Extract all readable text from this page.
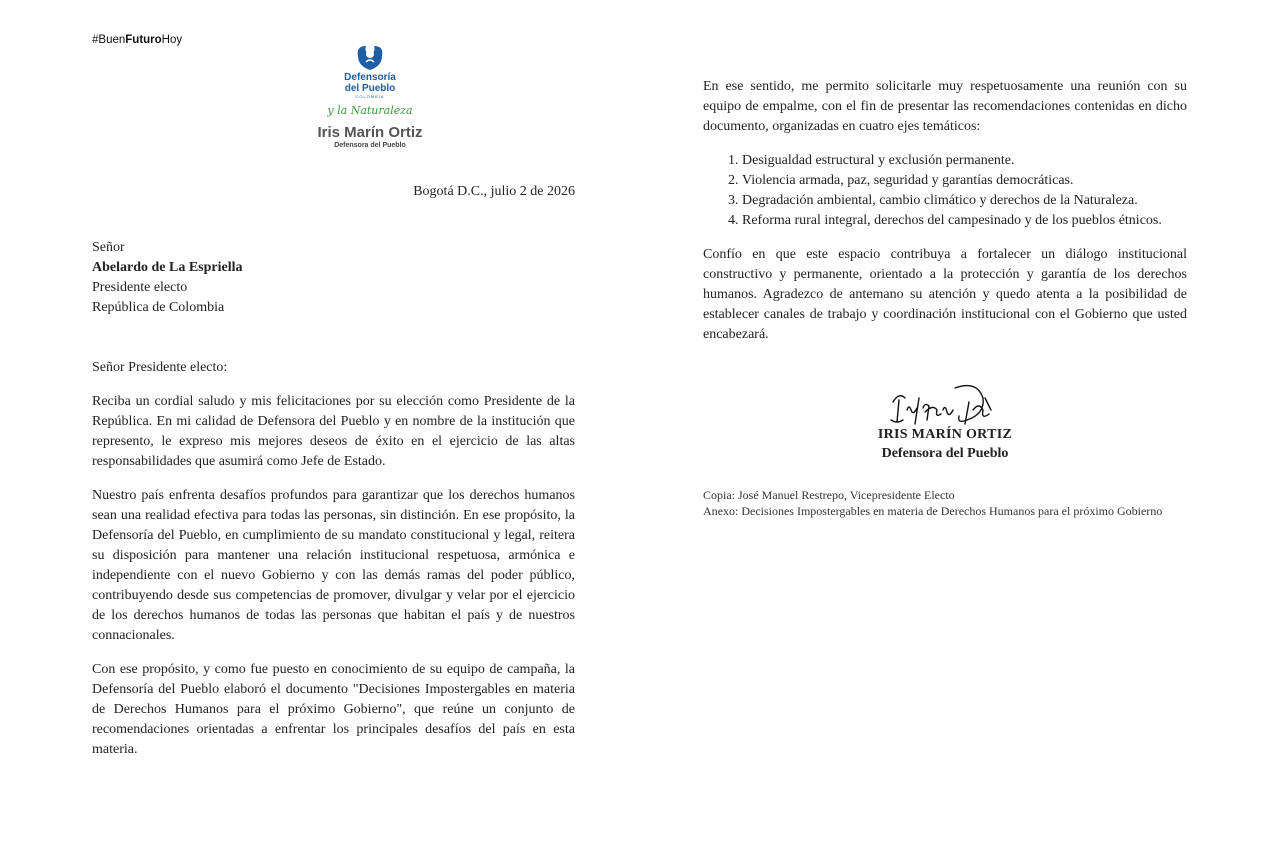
#BuenFuturoHoy
Defensoría
del Pueblo
COLOMBIA
y la Naturaleza
Iris Marín Ortiz
Defensora del Pueblo
Bogotá D.C., julio 2 de 2026
Señor
Abelardo de La Espriella
Presidente electo
República de Colombia

Señor Presidente electo:

Reciba un cordial saludo y mis felicitaciones por su elección como Presidente de la República. En mi calidad de Defensora del Pueblo y en nombre de la institución que represento, le expreso mis mejores deseos de éxito en el ejercicio de las altas responsabilidades que asumirá como Jefe de Estado.

Nuestro país enfrenta desafíos profundos para garantizar que los derechos humanos sean una realidad efectiva para todas las personas, sin distinción. En ese propósito, la Defensoría del Pueblo, en cumplimiento de su mandato constitucional y legal, reitera su disposición para mantener una relación institucional respetuosa, armónica e independiente con el nuevo Gobierno y con las demás ramas del poder público, contribuyendo desde sus competencias de promover, divulgar y velar por el ejercicio de los derechos humanos de todas las personas que habitan el país y de nuestros connacionales.

Con ese propósito, y como fue puesto en conocimiento de su equipo de campaña, la Defensoría del Pueblo elaboró el documento "Decisiones Impostergables en materia de Derechos Humanos para el próximo Gobierno", que reúne un conjunto de recomendaciones orientadas a enfrentar los principales desafíos del país en esta materia.

En ese sentido, me permito solicitarle muy respetuosamente una reunión con su equipo de empalme, con el fin de presentar las recomendaciones contenidas en dicho documento, organizadas en cuatro ejes temáticos:

1. Desigualdad estructural y exclusión permanente.
2. Violencia armada, paz, seguridad y garantías democráticas.
3. Degradación ambiental, cambio climático y derechos de la Naturaleza.
4. Reforma rural integral, derechos del campesinado y de los pueblos étnicos.

Confío en que este espacio contribuya a fortalecer un diálogo institucional constructivo y permanente, orientado a la protección y garantía de los derechos humanos. Agradezco de antemano su atención y quedo atenta a la posibilidad de establecer canales de trabajo y coordinación institucional con el Gobierno que usted encabezará.

IRIS MARÍN ORTIZ
Defensora del Pueblo
Copia: José Manuel Restrepo, Vicepresidente Electo
Anexo: Decisiones Impostergables en materia de Derechos Humanos para el próximo Gobierno
